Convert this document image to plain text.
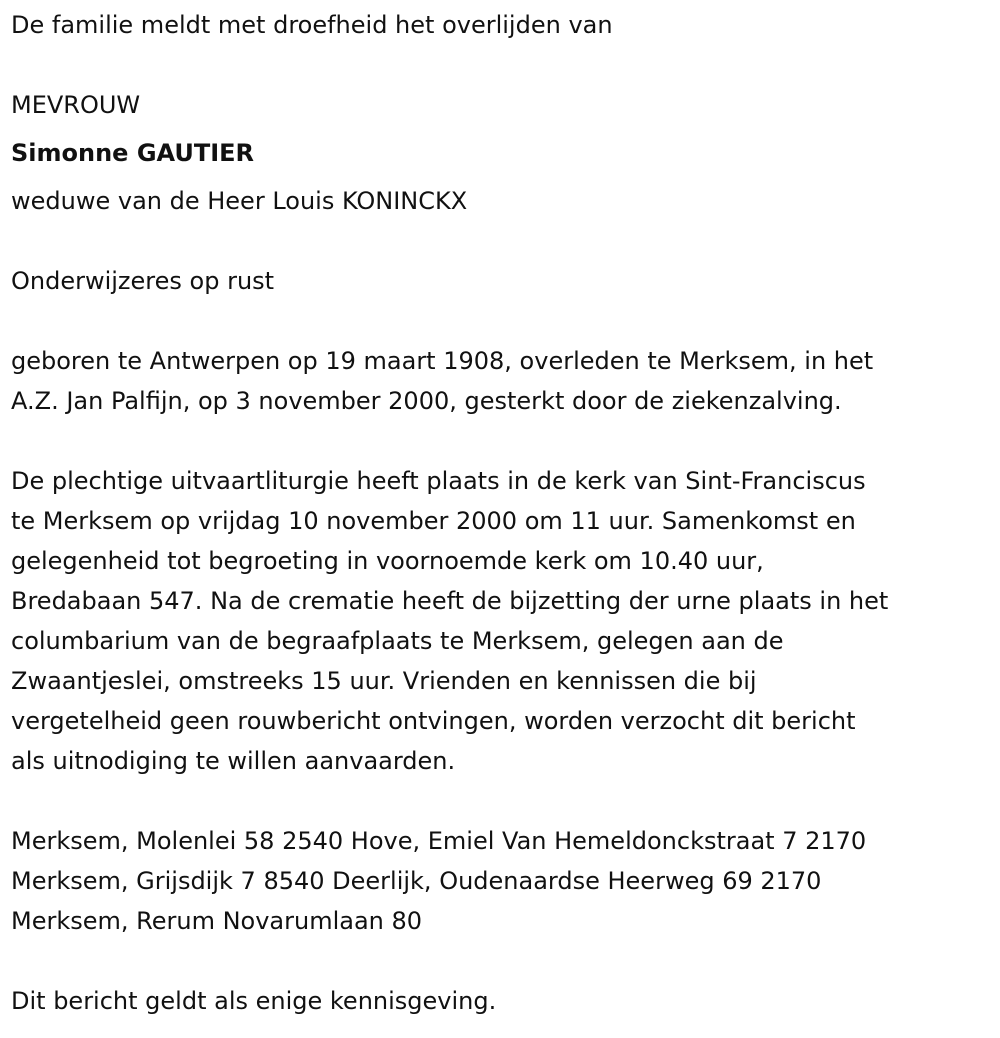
De familie meldt met droefheid het overlijden van
MEVROUW
Simonne GAUTIER
weduwe van de Heer Louis KONINCKX
Onderwijzeres op rust
geboren te Antwerpen op 19 maart 1908, overleden te Merksem, in het
A.Z. Jan Palfijn, op 3 november 2000, gesterkt door de ziekenzalving.
De plechtige uitvaartliturgie heeft plaats in de kerk van Sint-Franciscus
te Merksem op vrijdag 10 november 2000 om 11 uur. Samenkomst en
gelegenheid tot begroeting in voornoemde kerk om 10.40 uur,
Bredabaan 547. Na de crematie heeft de bijzetting der urne plaats in het
columbarium van de begraafplaats te Merksem, gelegen aan de
Zwaantjeslei, omstreeks 15 uur. Vrienden en kennissen die bij
vergetelheid geen rouwbericht ontvingen, worden verzocht dit bericht
als uitnodiging te willen aanvaarden.
Merksem, Molenlei 58 2540 Hove, Emiel Van Hemeldonckstraat 7 2170
Merksem, Grijsdijk 7 8540 Deerlijk, Oudenaardse Heerweg 69 2170
Merksem, Rerum Novarumlaan 80
Dit bericht geldt als enige kennisgeving.
